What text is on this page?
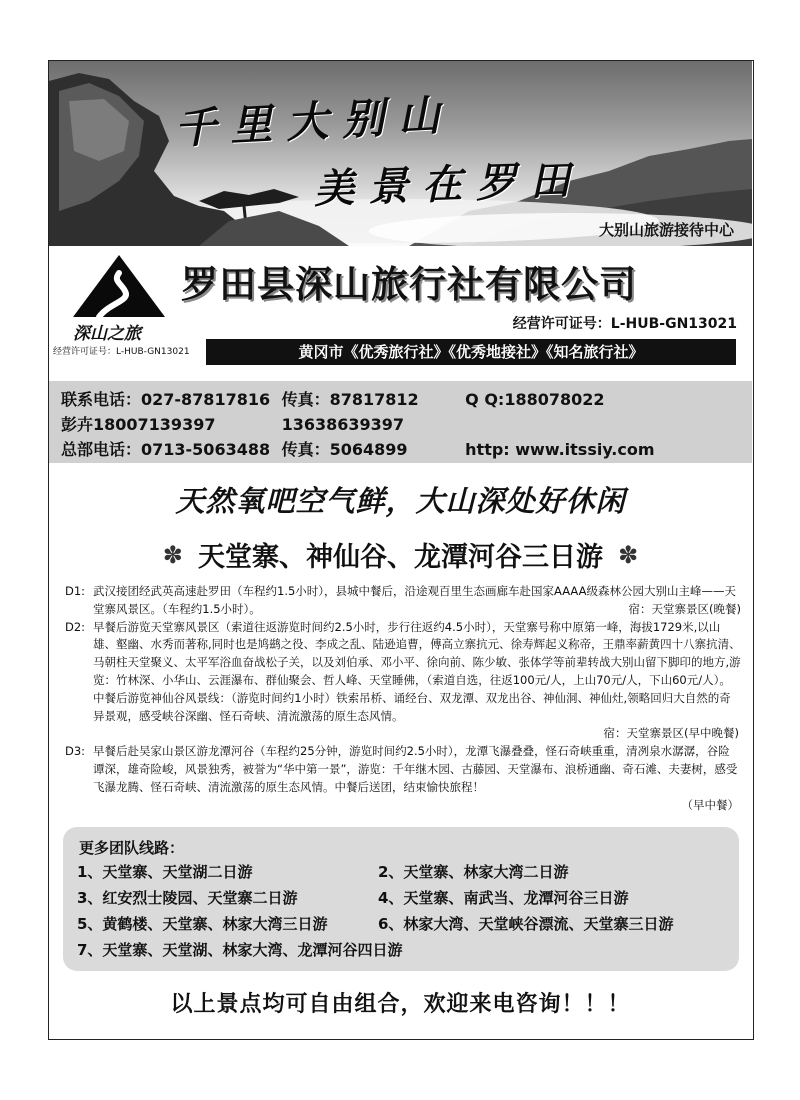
千里大别山
美景在罗田
大别山旅游接待中心
深山之旅
经营许可证号：L-HUB-GN13021
罗田县深山旅行社有限公司
经营许可证号：L-HUB-GN13021
黄冈市《优秀旅行社》《优秀地接社》《知名旅行社》
联系电话：027-87817816 传真：87817812	Q Q:188078022
彭卉18007139397	13638639397
总部电话：0713-5063488 传真：5064899	http: www.itssiy.com
天然氧吧空气鲜，大山深处好休闲
✽ 天堂寨、神仙谷、龙潭河谷三日游 ✽
D1: 武汉接团经武英高速赴罗田（车程约1.5小时），县城中餐后，沿途观百里生态画廊车赴国家AAAA级森林公园大别山主峰——天堂寨风景区。（车程约1.5小时）。	宿：天堂寨景区(晚餐)
D2: 早餐后游览天堂寨风景区（索道往返游览时间约2.5小时，步行往返约4.5小时），天堂寨号称中原第一峰，海拔1729米,以山雄、壑幽、水秀而著称,同时也是鸠鹚之役、李成之乱、陆逊追曹，傅高立寨抗元、徐寿辉起义称帝，王鼎率薪黄四十八寨抗清、马朝柱天堂聚义、太平军浴血奋战松子关，以及刘伯承、邓小平、徐向前、陈少敏、张体学等前辈转战大别山留下脚印的地方,游览：竹林深、小华山、云涯瀑布、群仙聚会、哲人峰、天堂睡佛，（索道自选，往返100元/人，上山70元/人，下山60元/人）。中餐后游览神仙谷风景线：（游览时间约1小时）铁索吊桥、诵经台、双龙潭、双龙出谷、神仙洞、神仙灶,领略回归大自然的奇异景观，感受峡谷深幽、怪石奇峡、清流激荡的原生态风情。
宿：天堂寨景区(早中晚餐)
D3: 早餐后赴吴家山景区游龙潭河谷（车程约25分钟，游览时间约2.5小时），龙潭飞瀑叠叠，怪石奇峡重重，清冽泉水潺潺，谷险谭深，雄奇险峻，风景独秀，被誉为“华中第一景”，游览：千年继木园、古藤园、天堂瀑布、浪桥通幽、奇石滩、夫妻树，感受飞瀑龙腾、怪石奇峡、清流激荡的原生态风情。中餐后送团，结束愉快旅程！
（早中餐）
更多团队线路：
1、天堂寨、天堂湖二日游	2、天堂寨、林家大湾二日游
3、红安烈士陵园、天堂寨二日游	4、天堂寨、南武当、龙潭河谷三日游
5、黄鹤楼、天堂寨、林家大湾三日游	6、林家大湾、天堂峡谷漂流、天堂寨三日游
7、天堂寨、天堂湖、林家大湾、龙潭河谷四日游
以上景点均可自由组合，欢迎来电咨询！！！
